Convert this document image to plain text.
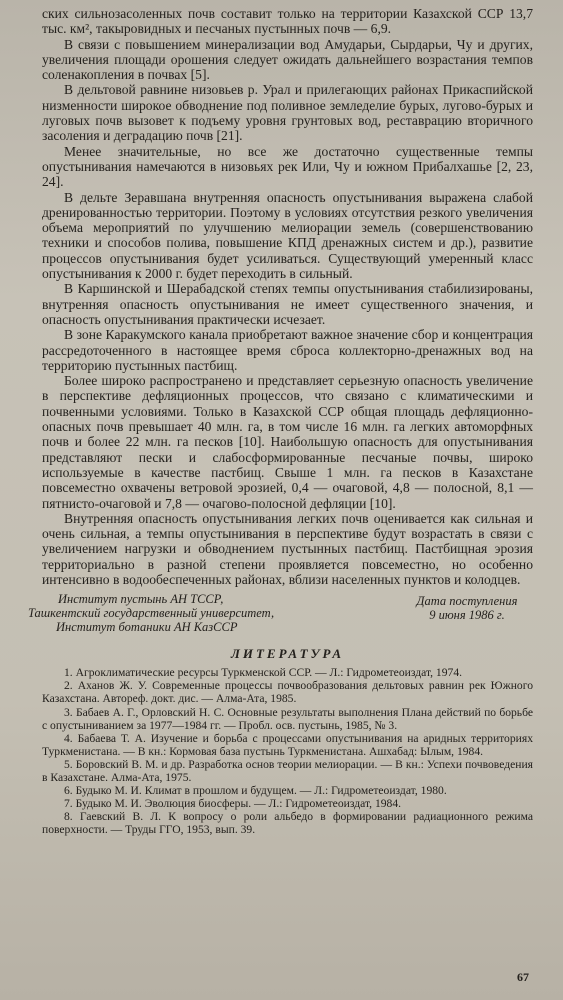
ских сильнозасоленных почв составит только на территории Казахской ССР 13,7 тыс. км², такыровидных и песчаных пустынных почв — 6,9.

В связи с повышением минерализации вод Амударьи, Сырдарьи, Чу и других, увеличения площади орошения следует ожидать дальнейшего возрастания темпов соленакопления в почвах [5].

В дельтовой равнине низовьев р. Урал и прилегающих районах Прикаспийской низменности широкое обводнение под поливное земледелие бурых, лугово-бурых и луговых почв вызовет к подъему уровня грунтовых вод, реставрацию вторичного засоления и деградацию почв [21].

Менее значительные, но все же достаточно существенные темпы опустынивания намечаются в низовьях рек Или, Чу и южном Прибалхашье [2, 23, 24].

В дельте Зеравшана внутренняя опасность опустынивания выражена слабой дренированностью территории. Поэтому в условиях отсутствия резкого увеличения объема мероприятий по улучшению мелиорации земель (совершенствованию техники и способов полива, повышение КПД дренажных систем и др.), развитие процессов опустынивания будет усиливаться. Существующий умеренный класс опустынивания к 2000 г. будет переходить в сильный.

В Каршинской и Шерабадской степях темпы опустынивания стабилизированы, внутренняя опасность опустынивания не имеет существенного значения, и опасность опустынивания практически исчезает.

В зоне Каракумского канала приобретают важное значение сбор и концентрация рассредоточенного в настоящее время сброса коллекторно-дренажных вод на территорию пустынных пастбищ.

Более широко распространено и представляет серьезную опасность увеличение в перспективе дефляционных процессов, что связано с климатическими и почвенными условиями. Только в Казахской ССР общая площадь дефляционно-опасных почв превышает 40 млн. га, в том числе 16 млн. га легких автоморфных почв и более 22 млн. га песков [10]. Наибольшую опасность для опустынивания представляют пески и слабосформированные песчаные почвы, широко используемые в качестве пастбищ. Свыше 1 млн. га песков в Казахстане повсеместно охвачены ветровой эрозией, 0,4 — очаговой, 4,8 — полосной, 8,1 — пятнисто-очаговой и 7,8 — очагово-полосной дефляции [10].

Внутренняя опасность опустынивания легких почв оценивается как сильная и очень сильная, а темпы опустынивания в перспективе будут возрастать в связи с увеличением нагрузки и обводнением пустынных пастбищ. Пастбищная эрозия территориально в разной степени проявляется повсеместно, но особенно интенсивно в водообеспеченных районах, вблизи населенных пунктов и колодцев.

Институт пустынь АН ТССР,
Ташкентский государственный университет,
Институт ботаники АН КазССР
Дата поступления
9 июня 1986 г.
ЛИТЕРАТУРА

1. Агроклиматические ресурсы Туркменской ССР. — Л.: Гидрометеоиздат, 1974.

2. Аханов Ж. У. Современные процессы почвообразования дельтовых равнин рек Южного Казахстана. Автореф. докт. дис. — Алма-Ата, 1985.

3. Бабаев А. Г., Орловский Н. С. Основные результаты выполнения Плана действий по борьбе с опустыниванием за 1977—1984 гг. — Пробл. осв. пустынь, 1985, № 3.

4. Бабаева Т. А. Изучение и борьба с процессами опустынивания на аридных территориях Туркменистана. — В кн.: Кормовая база пустынь Туркменистана. Ашхабад: Ылым, 1984.

5. Боровский В. М. и др. Разработка основ теории мелиорации. — В кн.: Успехи почвоведения в Казахстане. Алма-Ата, 1975.

6. Будыко М. И. Климат в прошлом и будущем. — Л.: Гидрометеоиздат, 1980.

7. Будыко М. И. Эволюция биосферы. — Л.: Гидрометеоиздат, 1984.

8. Гаевский В. Л. К вопросу о роли альбедо в формировании радиационного режима поверхности. — Труды ГГО, 1953, вып. 39.

67
